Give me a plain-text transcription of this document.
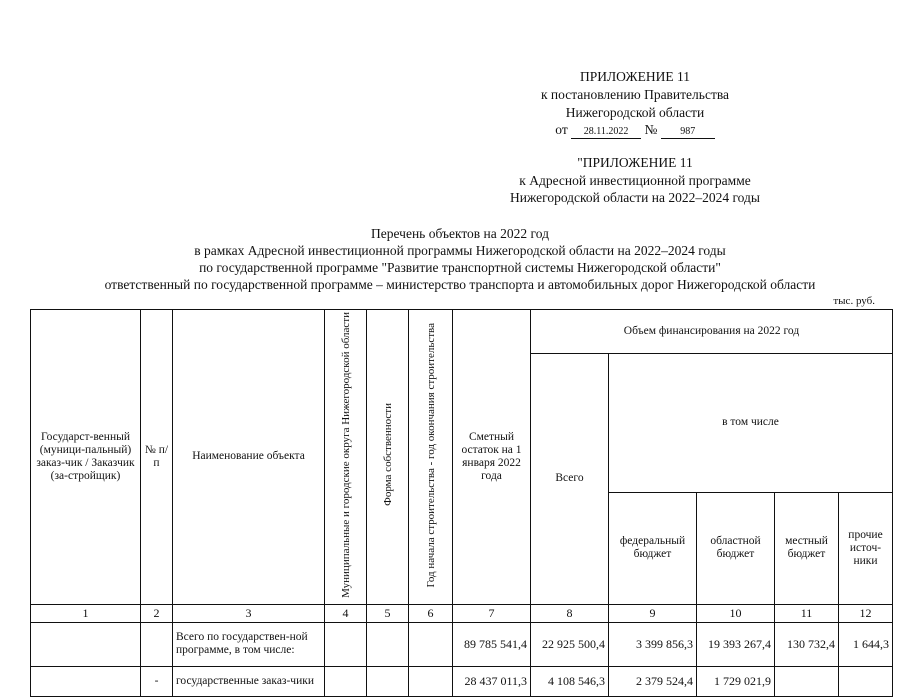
ПРИЛОЖЕНИЕ 11
к постановлению Правительства
Нижегородской области
от 28.11.2022 № 987
"ПРИЛОЖЕНИЕ 11
к Адресной инвестиционной программе
Нижегородской области на 2022–2024 годы
Перечень объектов на 2022 год
в рамках Адресной инвестиционной программы Нижегородской области на 2022–2024 годы
по государственной программе "Развитие транспортной системы Нижегородской области"
ответственный по государственной программе – министерство транспорта и автомобильных дорог Нижегородской области
тыс. руб.
Государст-венный (муници-пальный) заказ-чик / Заказчик (за-стройщик)	№ п/п	Наименование объекта	Муниципальные и городские округа Нижегородской области	Форма собственности	Год начала строительства - год окончания строительства	Сметный остаток на 1 января 2022 года	Объем финансирования на 2022 год				
							Всего	в том числе			
								федеральный бюджет	областной бюджет	местный бюджет	прочие источ-ники
1	2	3	4	5	6	7	8	9	10	11	12
		Всего по государствен-ной программе, в том числе:				89 785 541,4	22 925 500,4	3 399 856,3	19 393 267,4	130 732,4	1 644,3
	-	государственные заказ-чики				28 437 011,3	4 108 546,3	2 379 524,4	1 729 021,9		
